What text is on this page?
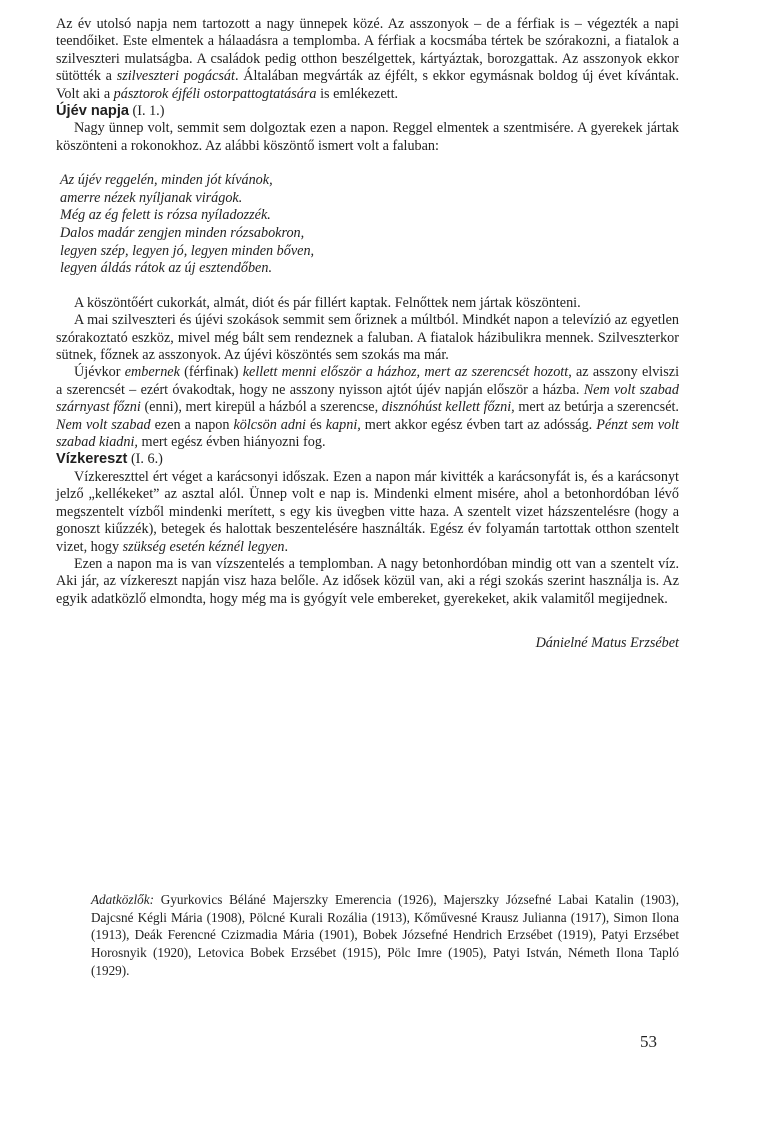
Az év utolsó napja nem tartozott a nagy ünnepek közé. Az asszonyok – de a férfiak is – végezték a napi teendőiket. Este elmentek a hálaadásra a templomba. A férfiak a kocsmába tértek be szórakozni, a fiatalok a szilveszteri mulatságba. A családok pedig otthon beszélgettek, kártyáztak, borozgattak. Az asszonyok ekkor sütötték a szilveszteri pogácsát. Általában megvárták az éjfélt, s ekkor egymásnak boldog új évet kívántak. Volt aki a pásztorok éjféli ostorpattogtatására is emlékezett.

Újév napja (I. 1.)

Nagy ünnep volt, semmit sem dolgoztak ezen a napon. Reggel elmentek a szentmisére. A gyerekek jártak köszönteni a rokonokhoz. Az alábbi köszöntő ismert volt a faluban:

Az újév reggelén, minden jót kívánok,
amerre nézek nyíljanak virágok.
Még az ég felett is rózsa nyíladozzék.
Dalos madár zengjen minden rózsabokron,
legyen szép, legyen jó, legyen minden bőven,
legyen áldás rátok az új esztendőben.

A köszöntőért cukorkát, almát, diót és pár fillért kaptak. Felnőttek nem jártak köszönteni.

A mai szilveszteri és újévi szokások semmit sem őriznek a múltból. Mindkét napon a televízió az egyetlen szórakoztató eszköz, mivel még bált sem rendeznek a faluban. A fiatalok házibulikra mennek. Szilveszterkor sütnek, főznek az asszonyok. Az újévi köszöntés sem szokás ma már.

Újévkor embernek (férfinak) kellett menni először a házhoz, mert az szerencsét hozott, az asszony elviszi a szerencsét – ezért óvakodtak, hogy ne asszony nyisson ajtót újév napján először a házba. Nem volt szabad szárnyast főzni (enni), mert kirepül a házból a szerencse, disznóhúst kellett főzni, mert az betúrja a szerencsét. Nem volt szabad ezen a napon kölcsön adni és kapni, mert akkor egész évben tart az adósság. Pénzt sem volt szabad kiadni, mert egész évben hiányozni fog.

Vízkereszt (I. 6.)

Vízkereszttel ért véget a karácsonyi időszak. Ezen a napon már kivitték a karácsonyfát is, és a karácsonyt jelző „kellékeket” az asztal alól. Ünnep volt e nap is. Mindenki elment misére, ahol a betonhordóban lévő megszentelt vízből mindenki merített, s egy kis üvegben vitte haza. A szentelt vizet házszentelésre (hogy a gonoszt kiűzzék), betegek és halottak beszentelésére használták. Egész év folyamán tartottak otthon szentelt vizet, hogy szükség esetén kéznél legyen.

Ezen a napon ma is van vízszentelés a templomban. A nagy betonhordóban mindig ott van a szentelt víz. Aki jár, az vízkereszt napján visz haza belőle. Az idősek közül van, aki a régi szokás szerint használja is. Az egyik adatközlő elmondta, hogy még ma is gyógyít vele embereket, gyerekeket, akik valamitől megijednek.

Dánielné Matus Erzsébet

Adatközlők: Gyurkovics Béláné Majerszky Emerencia (1926), Majerszky Józsefné Labai Katalin (1903), Dajcsné Kégli Mária (1908), Pölcné Kurali Rozália (1913), Kőművesné Krausz Julianna (1917), Simon Ilona (1913), Deák Ferencné Czizmadia Mária (1901), Bobek Józsefné Hendrich Erzsébet (1919), Patyi Erzsébet Horosnyik (1920), Letovica Bobek Erzsébet (1915), Pölc Imre (1905), Patyi István, Németh Ilona Tapló (1929).

53
